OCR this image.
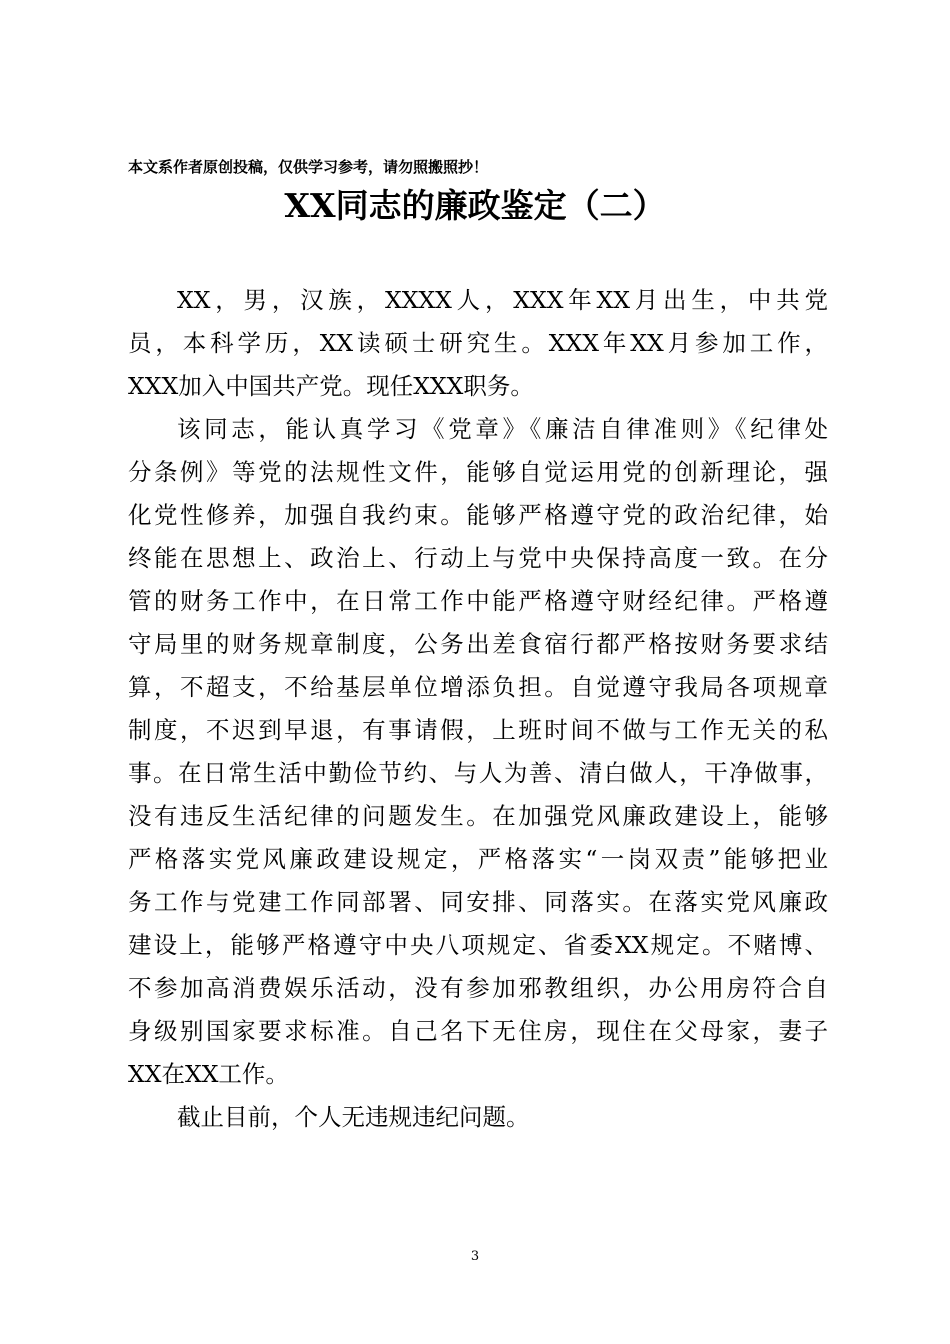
本文系作者原创投稿，仅供学习参考，请勿照搬照抄！
XX同志的廉政鉴定（二）
XX，男，汉族，XXXX人，XXX年XX月出生，中共党
员，本科学历，XX读硕士研究生。XXX年XX月参加工作，
XXX加入中国共产党。现任XXX职务。
该同志，能认真学习《党章》《廉洁自律准则》《纪律处
分条例》等党的法规性文件，能够自觉运用党的创新理论，强
化党性修养，加强自我约束。能够严格遵守党的政治纪律，始
终能在思想上、政治上、行动上与党中央保持高度一致。在分
管的财务工作中，在日常工作中能严格遵守财经纪律。严格遵
守局里的财务规章制度，公务出差食宿行都严格按财务要求结
算，不超支，不给基层单位增添负担。自觉遵守我局各项规章
制度，不迟到早退，有事请假，上班时间不做与工作无关的私
事。在日常生活中勤俭节约、与人为善、清白做人，干净做事，
没有违反生活纪律的问题发生。在加强党风廉政建设上，能够
严格落实党风廉政建设规定，严格落实“一岗双责”能够把业
务工作与党建工作同部署、同安排、同落实。在落实党风廉政
建设上，能够严格遵守中央八项规定、省委XX规定。不赌博、
不参加高消费娱乐活动，没有参加邪教组织，办公用房符合自
身级别国家要求标准。自己名下无住房，现住在父母家，妻子
XX在XX工作。
截止目前，个人无违规违纪问题。
3
